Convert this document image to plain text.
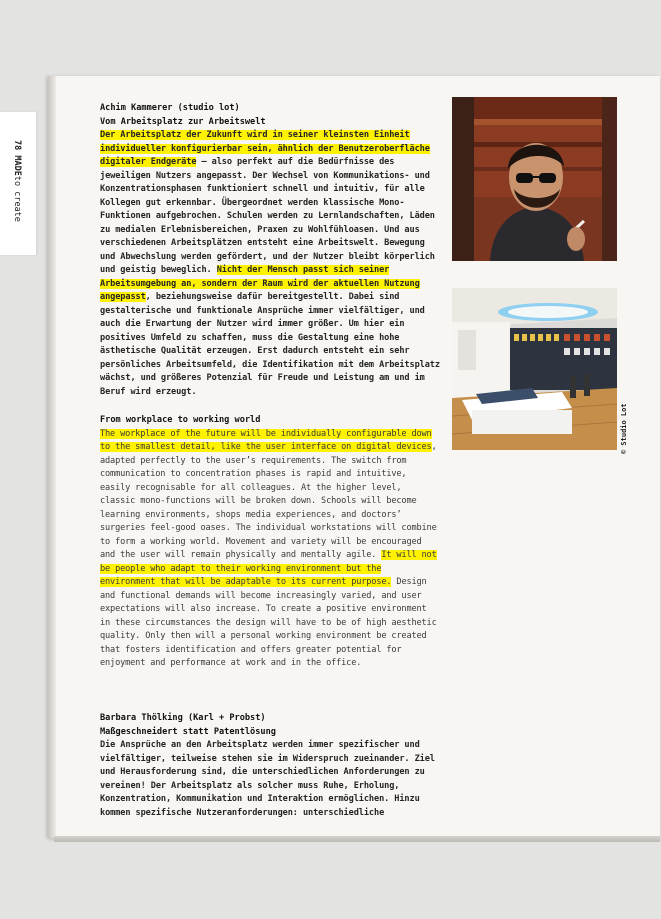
78 MADEto create

Achim Kammerer (studio lot)

Vom Arbeitsplatz zur Arbeitswelt

Der Arbeitsplatz der Zukunft wird in seiner kleinsten Einheit individueller konfigurierbar sein, ähnlich der Benutzeroberfläche digitaler Endgeräte – also perfekt auf die Bedürfnisse des jeweiligen Nutzers angepasst. Der Wechsel von Kommunikations- und Konzentrationsphasen funktioniert schnell und intuitiv, für alle Kollegen gut erkennbar. Übergeordnet werden klassische Mono-Funktionen aufgebrochen. Schulen werden zu Lernlandschaften, Läden zu medialen Erlebnisbereichen, Praxen zu Wohlfühloasen. Und aus verschiedenen Arbeitsplätzen entsteht eine Arbeitswelt. Bewegung und Abwechslung werden gefördert, und der Nutzer bleibt körperlich und geistig beweglich. Nicht der Mensch passt sich seiner Arbeitsumgebung an, sondern der Raum wird der aktuellen Nutzung angepasst, beziehungsweise dafür bereitgestellt. Dabei sind gestalterische und funktionale Ansprüche immer vielfältiger, und auch die Erwartung der Nutzer wird immer größer. Um hier ein positives Umfeld zu schaffen, muss die Gestaltung eine hohe ästhetische Qualität erzeugen. Erst dadurch entsteht ein sehr persönliches Arbeitsumfeld, die Identifikation mit dem Arbeitsplatz wächst, und größeres Potenzial für Freude und Leistung am und im Beruf wird erzeugt.

From workplace to working world

The workplace of the future will be individually configurable down to the smallest detail, like the user interface on digital devices, adapted perfectly to the user’s requirements. The switch from communication to concentration phases is rapid and intuitive, easily recognisable for all colleagues. At the higher level, classic mono-functions will be broken down. Schools will become learning environments, shops media experiences, and doctors’ surgeries feel-good oases. The individual workstations will combine to form a working world. Movement and variety will be encouraged and the user will remain physically and mentally agile. It will not be people who adapt to their working environment but the environment that will be adaptable to its current purpose. Design and functional demands will become increasingly varied, and user expectations will also increase. To create a positive environment in these circumstances the design will have to be of high aesthetic quality. Only then will a personal working environment be created that fosters identification and offers greater potential for enjoyment and performance at work and in the office.

Barbara Thölking (Karl + Probst)

Maßgeschneidert statt Patentlösung

Die Ansprüche an den Arbeitsplatz werden immer spezifischer und vielfältiger, teilweise stehen sie im Widerspruch zueinander. Ziel und Herausforderung sind, die unterschiedlichen Anforderungen zu vereinen! Der Arbeitsplatz als solcher muss Ruhe, Erholung, Konzentration, Kommunikation und Interaktion ermöglichen. Hinzu kommen spezifische Nutzeranforderungen: unterschiedliche

© Studio Lot
